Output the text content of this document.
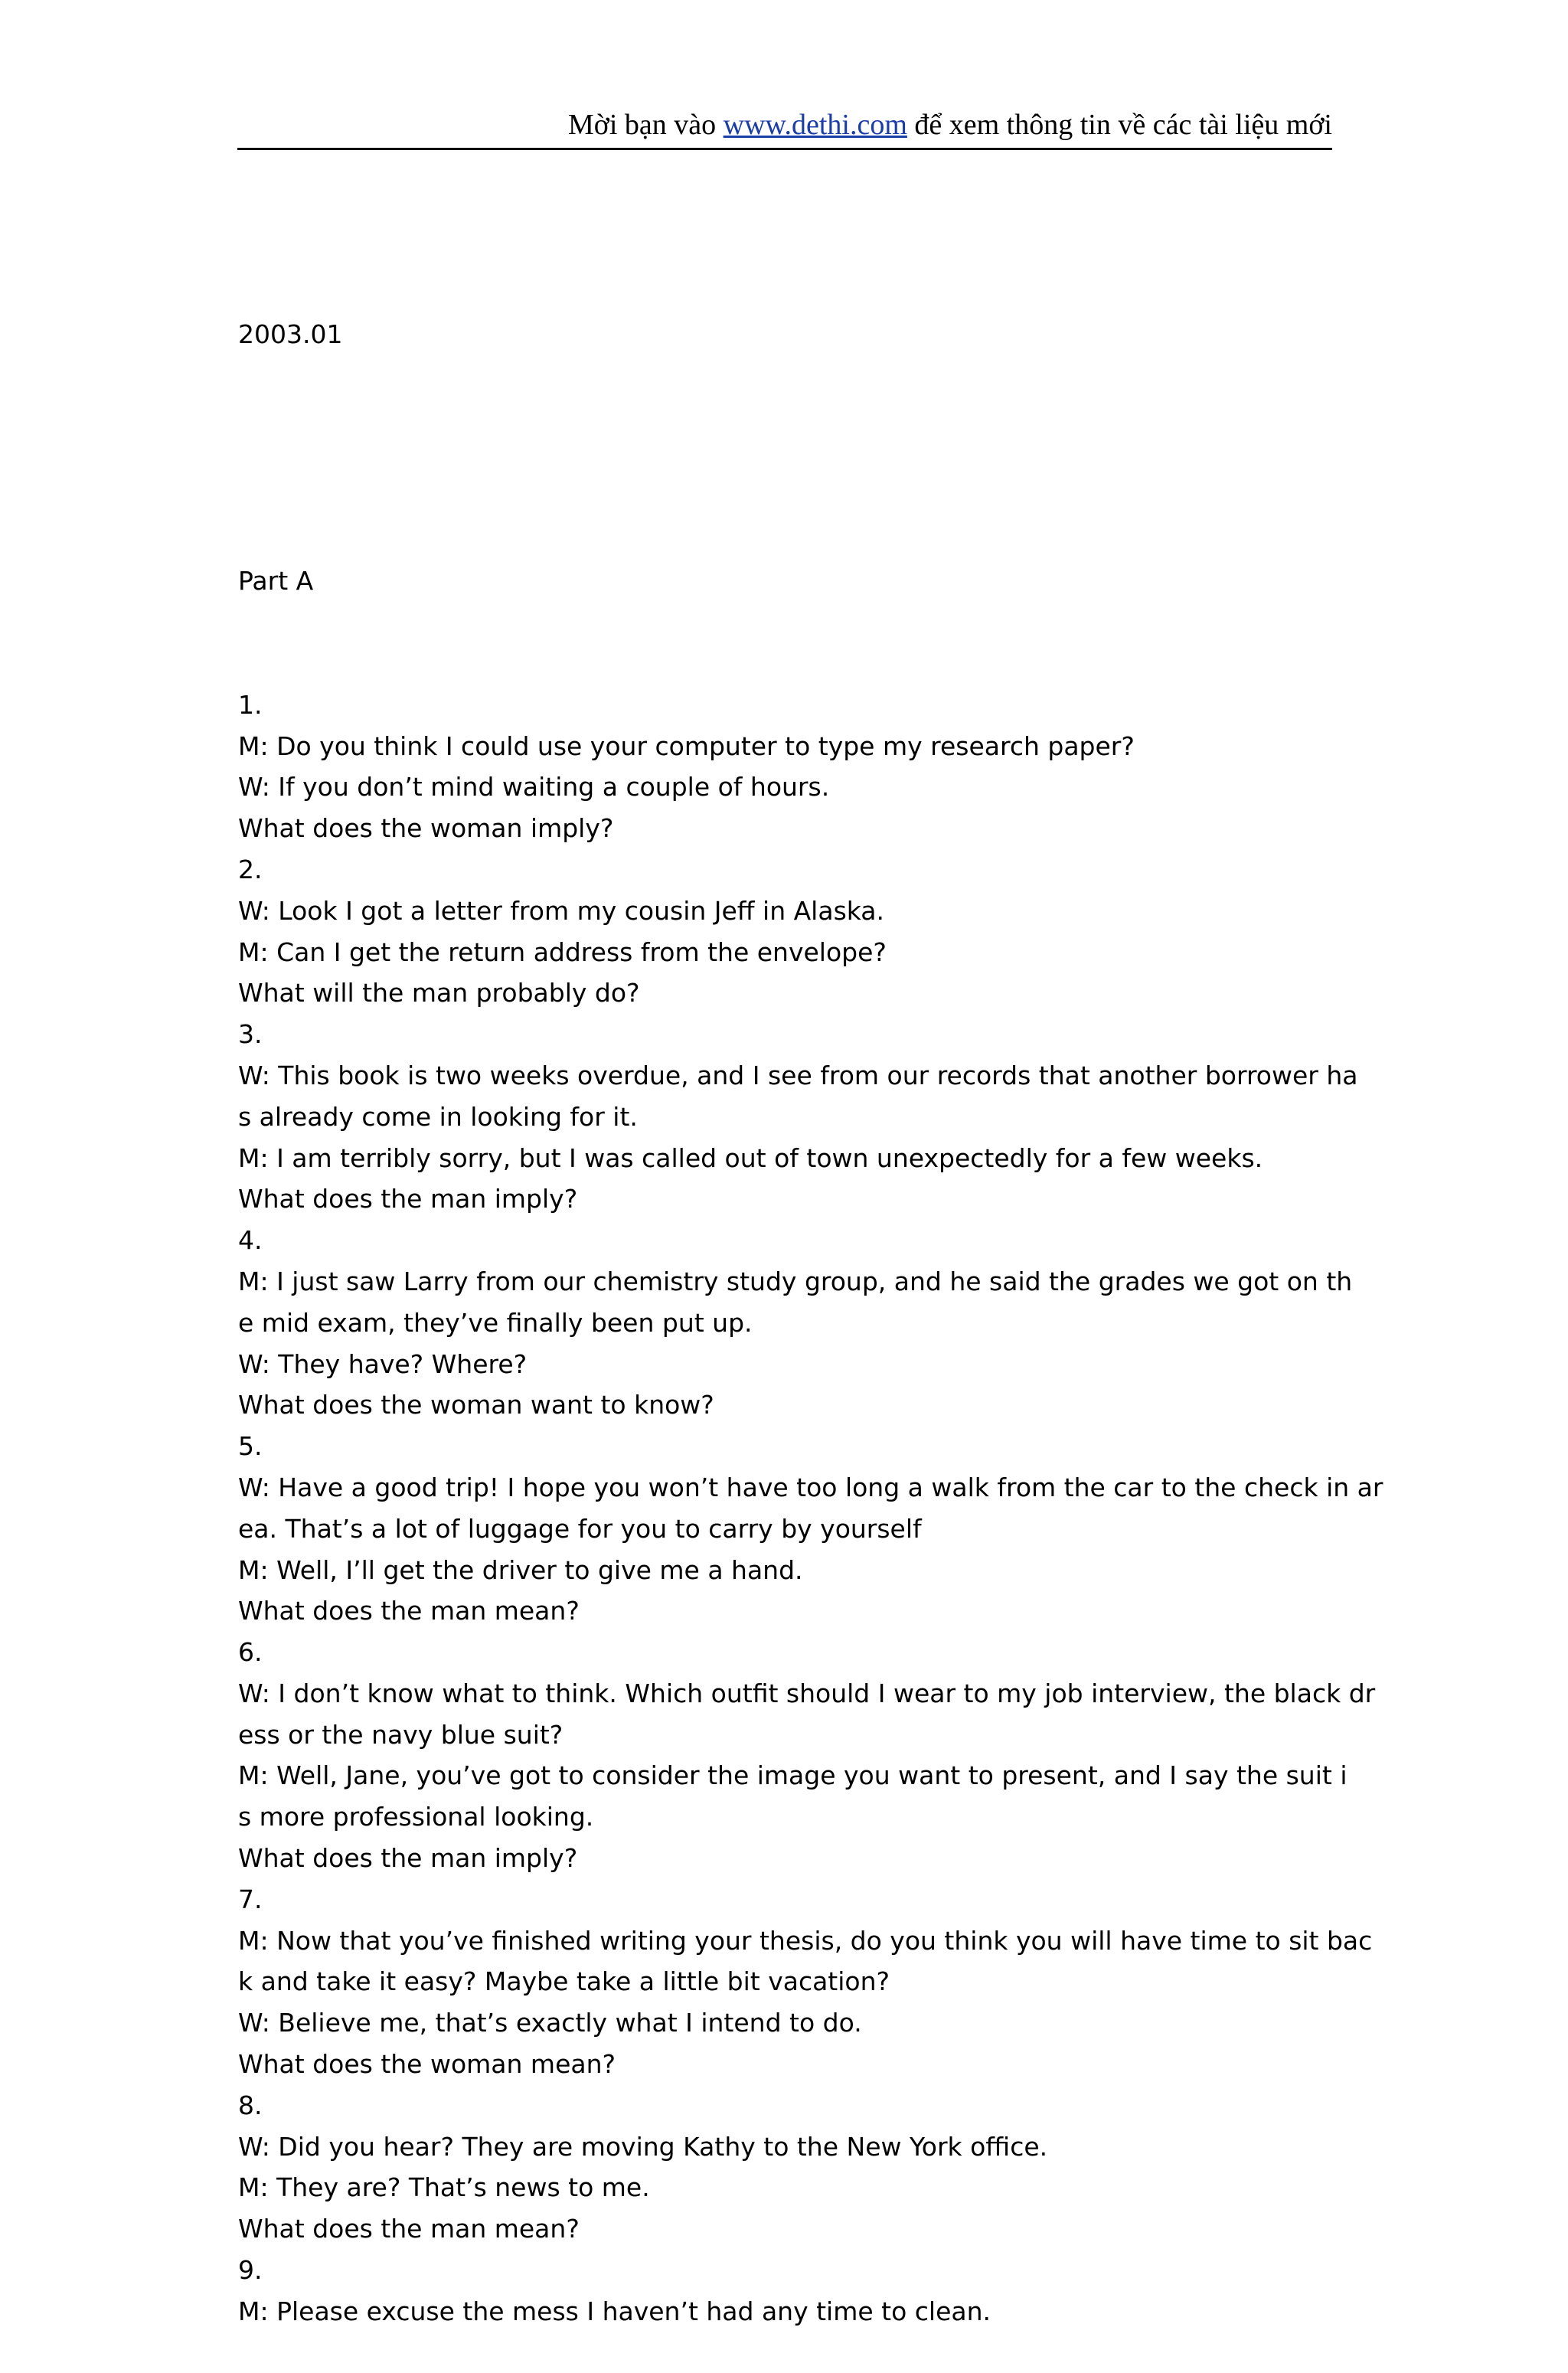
Mời bạn vào www.dethi.com để xem thông tin về các tài liệu mới

2003.01

Part A

1.
M: Do you think I could use your computer to type my research paper?
W: If you don’t mind waiting a couple of hours.
What does the woman imply?
2.
W: Look I got a letter from my cousin Jeff in Alaska.
M: Can I get the return address from the envelope?
What will the man probably do?
3.
W: This book is two weeks overdue, and I see from our records that another borrower ha
s already come in looking for it.
M: I am terribly sorry, but I was called out of town unexpectedly for a few weeks.
What does the man imply?
4.
M: I just saw Larry from our chemistry study group, and he said the grades we got on th
e mid exam, they’ve finally been put up.
W: They have? Where?
What does the woman want to know?
5.
W: Have a good trip! I hope you won’t have too long a walk from the car to the check in ar
ea. That’s a lot of luggage for you to carry by yourself
M: Well, I’ll get the driver to give me a hand.
What does the man mean?
6.
W: I don’t know what to think. Which outfit should I wear to my job interview, the black dr
ess or the navy blue suit?
M: Well, Jane, you’ve got to consider the image you want to present, and I say the suit i
s more professional looking.
What does the man imply?
7.
M: Now that you’ve finished writing your thesis, do you think you will have time to sit bac
k and take it easy? Maybe take a little bit vacation?
W: Believe me, that’s exactly what I intend to do.
What does the woman mean?
8.
W: Did you hear? They are moving Kathy to the New York office.
M: They are? That’s news to me.
What does the man mean?
9.
M: Please excuse the mess I haven’t had any time to clean.
